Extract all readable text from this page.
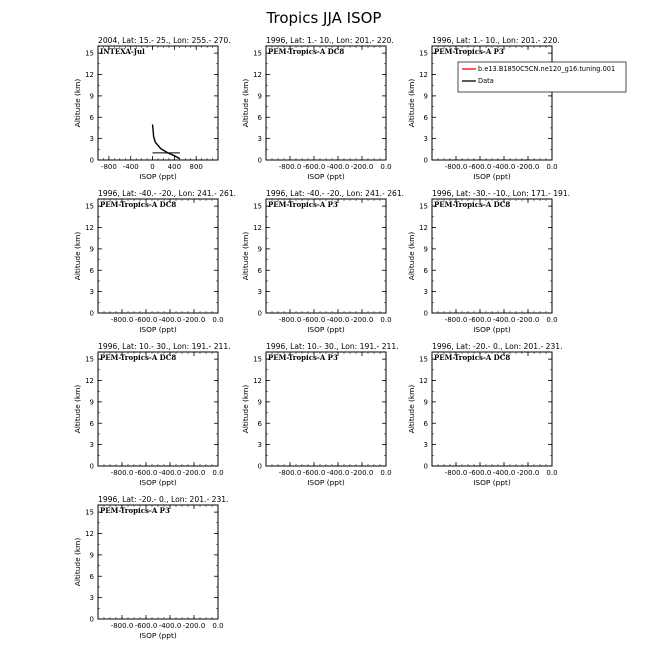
Tropics JJA ISOP
2004, Lat: 15.- 25., Lon: 255.- 270.
INTEXA-Jul
0
3
6
9
12
15
-800 -400 0 400 800
ISOP (ppt)
Altitude (km)
1996, Lat: 1.- 10., Lon: 201.- 220.
PEM-Tropics-A DC8
0
3
6
9
12
15
-800.0 -600.0 -400.0 -200.0 0.0
ISOP (ppt)
Altitude (km)
1996, Lat: 1.- 10., Lon: 201.- 220.
PEM-Tropics-A P3
0
3
6
9
12
15
-800.0 -600.0 -400.0 -200.0 0.0
ISOP (ppt)
Altitude (km)
b.e13.B1850C5CN.ne120_g16.tuning.001
Data
1996, Lat: -40.- -20., Lon: 241.- 261.
PEM-Tropics-A DC8
0
3
6
9
12
15
-800.0 -600.0 -400.0 -200.0 0.0
ISOP (ppt)
Altitude (km)
1996, Lat: -40.- -20., Lon: 241.- 261.
PEM-Tropics-A P3
0
3
6
9
12
15
-800.0 -600.0 -400.0 -200.0 0.0
ISOP (ppt)
Altitude (km)
1996, Lat: -30.- -10., Lon: 171.- 191.
PEM-Tropics-A DC8
0
3
6
9
12
15
-800.0 -600.0 -400.0 -200.0 0.0
ISOP (ppt)
Altitude (km)
1996, Lat: 10.- 30., Lon: 191.- 211.
PEM-Tropics-A DC8
0
3
6
9
12
15
-800.0 -600.0 -400.0 -200.0 0.0
ISOP (ppt)
Altitude (km)
1996, Lat: 10.- 30., Lon: 191.- 211.
PEM-Tropics-A P3
0
3
6
9
12
15
-800.0 -600.0 -400.0 -200.0 0.0
ISOP (ppt)
Altitude (km)
1996, Lat: -20.- 0., Lon: 201.- 231.
PEM-Tropics-A DC8
0
3
6
9
12
15
-800.0 -600.0 -400.0 -200.0 0.0
ISOP (ppt)
Altitude (km)
1996, Lat: -20.- 0., Lon: 201.- 231.
PEM-Tropics-A P3
0
3
6
9
12
15
-800.0 -600.0 -400.0 -200.0 0.0
ISOP (ppt)
Altitude (km)
